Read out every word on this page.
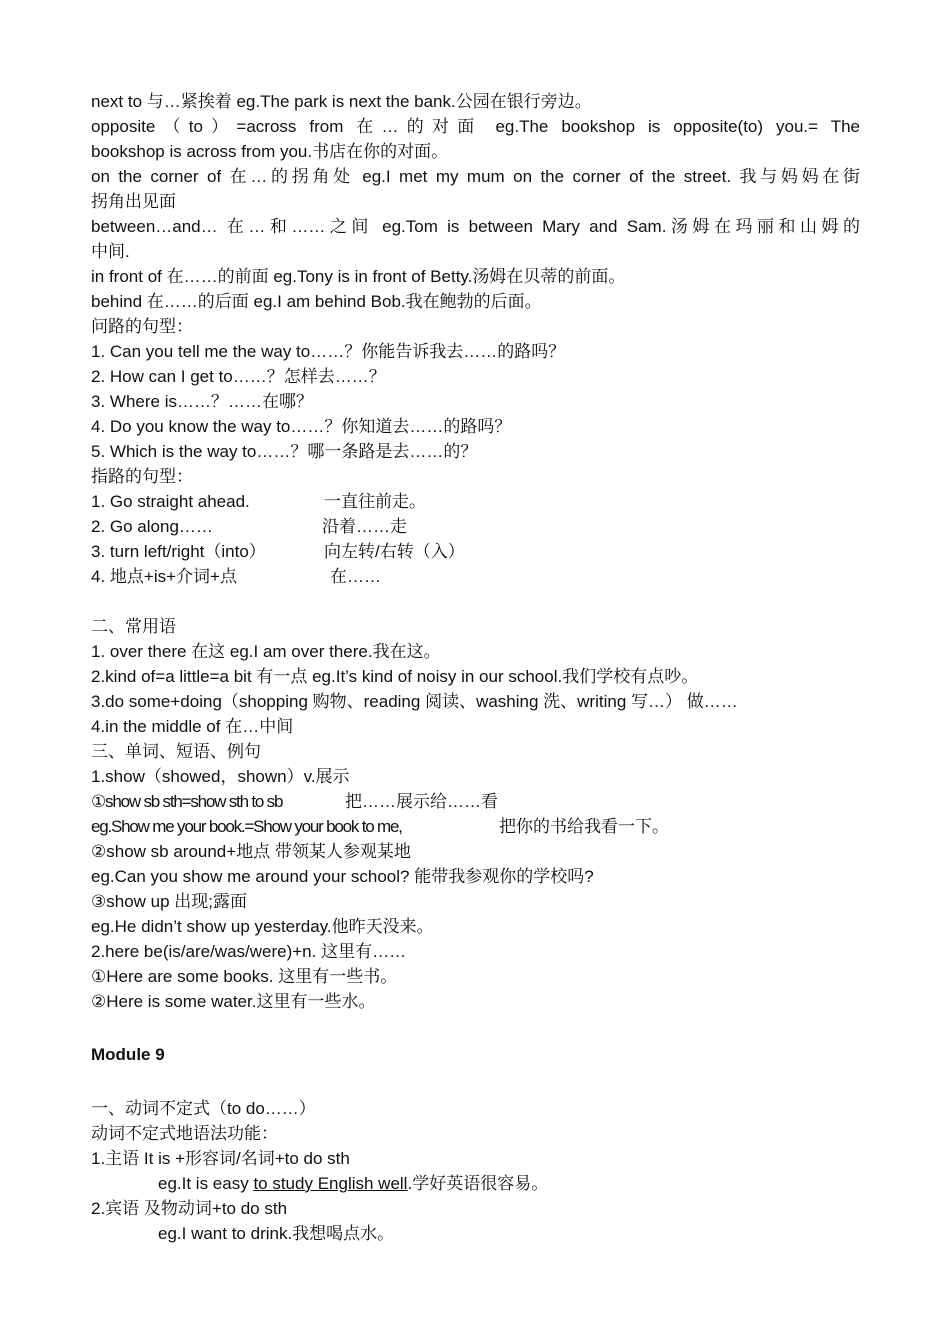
next to 与…紧挨着 eg.The park is next the bank.公园在银行旁边。
opposite（to）=across from 在…的对面 eg.The bookshop is opposite(to) you.= The
bookshop is across from you.书店在你的对面。
on the corner of 在…的拐角处 eg.I met my mum on the corner of the street. 我与妈妈在街
拐角出见面
between…and… 在…和……之间 eg.Tom is between Mary and Sam.汤姆在玛丽和山姆的
中间.
in front of 在……的前面 eg.Tony is in front of Betty.汤姆在贝蒂的前面。
behind 在……的后面 eg.I am behind Bob.我在鲍勃的后面。
问路的句型：
1. Can you tell me the way to……？你能告诉我去……的路吗？
2. How can I get to……？怎样去……？
3. Where is……？……在哪？
4. Do you know the way to……？你知道去……的路吗？
5. Which is the way to……？哪一条路是去……的？
指路的句型：
1. Go straight ahead.	一直往前走。
2. Go along……	沿着……走
3. turn left/right（into）	向左转/右转（入）
4. 地点+is+介词+点	在……
二、常用语
1. over there 在这 eg.I am over there.我在这。
2.kind of=a little=a bit 有一点 eg.It’s kind of noisy in our school.我们学校有点吵。
3.do some+doing（shopping 购物、reading 阅读、washing 洗、writing 写…） 做……
4.in the middle of 在…中间
三、单词、短语、例句
1.show（showed，shown）v.展示
①show sb sth=show sth to sb	把……展示给……看
eg.Show me your book.=Show your book to me,	把你的书给我看一下。
②show sb around+地点 带领某人参观某地
eg.Can you show me around your school? 能带我参观你的学校吗?
③show up 出现;露面
eg.He didn’t show up yesterday.他昨天没来。
2.here be(is/are/was/were)+n. 这里有……
①Here are some books. 这里有一些书。
②Here is some water.这里有一些水。
Module 9
一、动词不定式（to do……）
动词不定式地语法功能：
1.主语 It is +形容词/名词+to do sth
eg.It is easy to study English well.学好英语很容易。
2.宾语 及物动词+to do sth
eg.I want to drink.我想喝点水。
